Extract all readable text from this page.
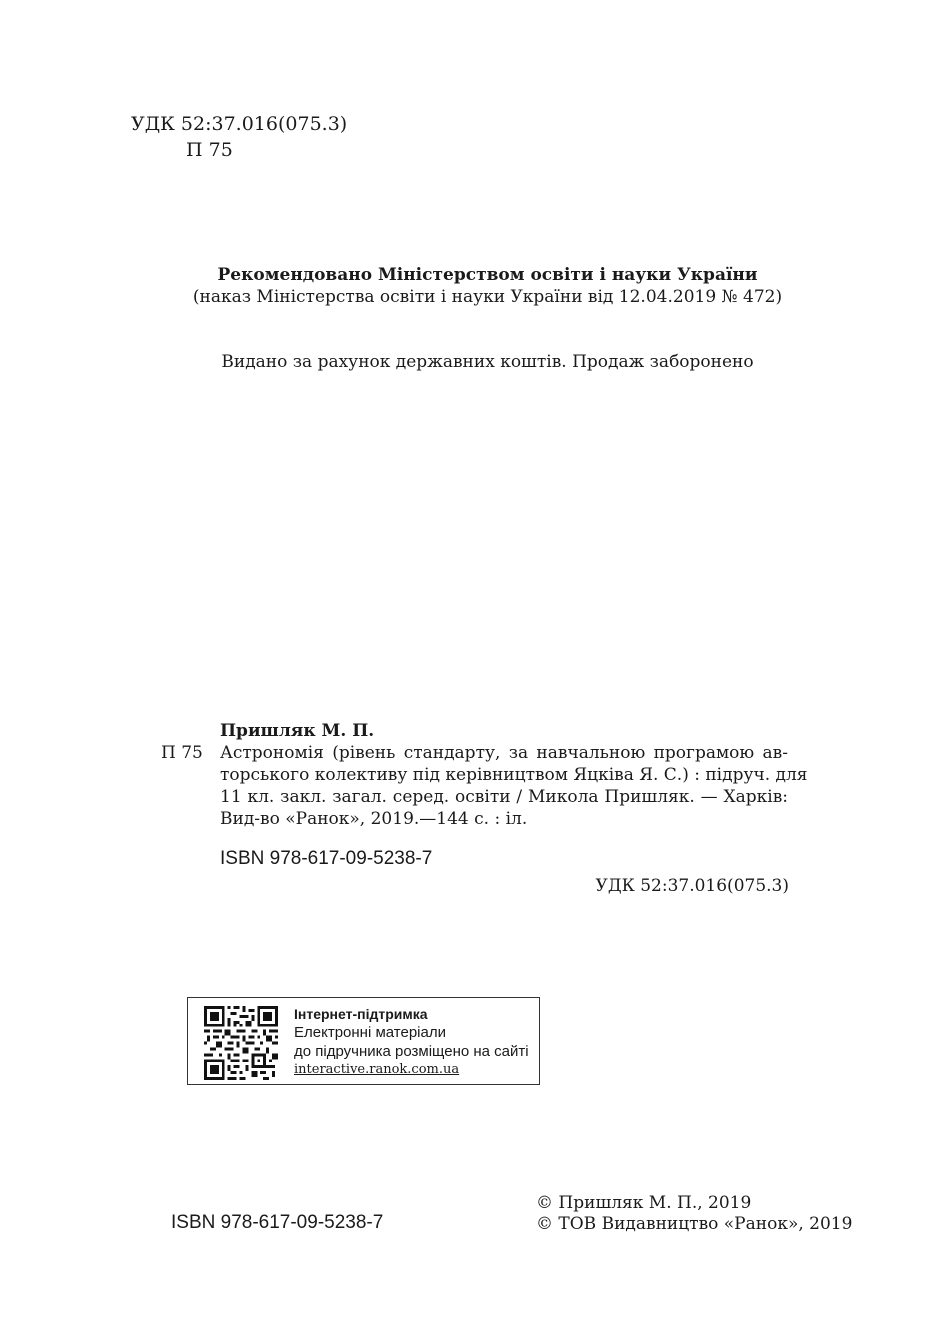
УДК 52:37.016(075.3)
П 75
Рекомендовано Міністерством освіти і науки України
(наказ Міністерства освіти і науки України від 12.04.2019 № 472)
Видано за рахунок державних коштів. Продаж заборонено
Пришляк М. П.
П 75 Астрономія (рівень стандарту, за навчальною програмою ав-
торського колективу під керівництвом Яцківа Я. С.) : підруч. для
11 кл. закл. загал. серед. освіти / Микола Пришляк. — Харків:
Вид-во «Ранок», 2019.—144 с. : іл.
ISBN 978-617-09-5238-7
УДК 52:37.016(075.3)
Інтернет-підтримка
Електронні матеріали
до підручника розміщено на сайті
interactive.ranok.com.ua
ISBN 978-617-09-5238-7
© Пришляк М. П., 2019
© ТОВ Видавництво «Ранок», 2019
